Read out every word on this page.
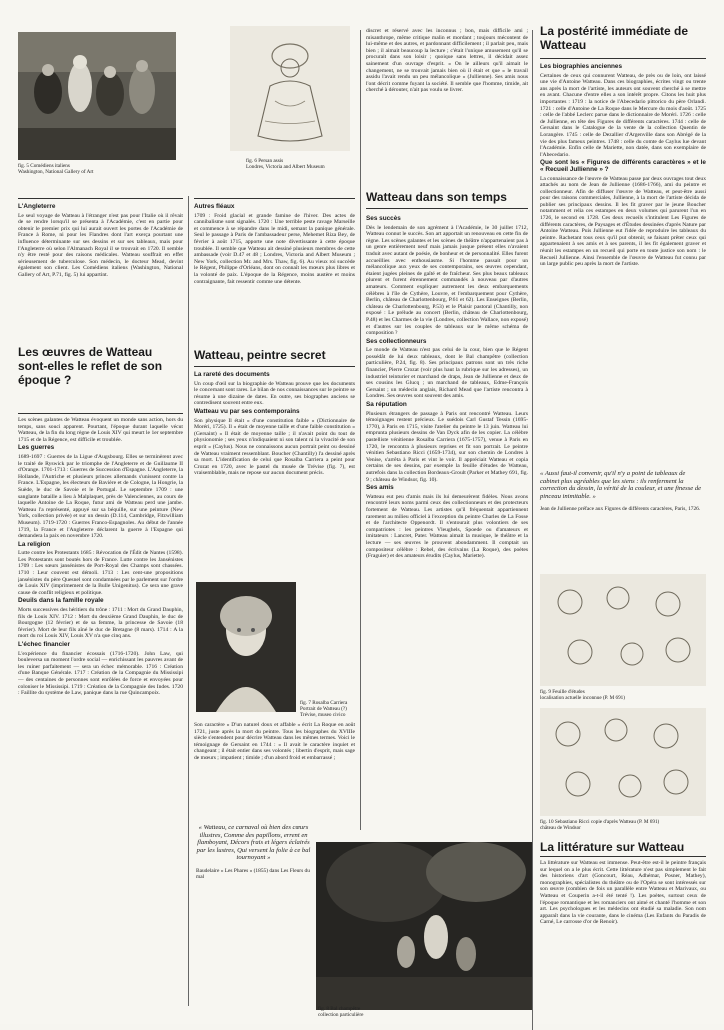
fig. 5 Comédiens italiens
Washington, National Gallery of Art
fig. 6 Persan assis
Londres, Victoria and Albert Museum
L'Angleterre

Le seul voyage de Watteau à l'étranger n'est pas pour l'Italie où il rêvait de se rendre lorsqu'il se présenta à l'Académie, c'est en partie pour obtenir le premier prix qui lui aurait ouvert les portes de l'Académie de France à Rome, ni pour les Flandres dont l'art exerça pourtant une influence déterminante sur ses dessins et sur ses tableaux, mais pour l'Angleterre où selon l'Almanach Royal il se trouvait en 1720. Il semble n'y être resté pour des raisons médicales. Watteau souffrait en effet sérieusement de tuberculose. Son médecin, le docteur Mead, devint également son client. Les Comédiens italiens (Washington, National Gallery of Art, P.71, fig. 5) lui appartint.

Les œuvres de Watteau sont-elles le reflet de son époque ?

Les scènes galantes de Watteau évoquent un monde sans action, hors du temps, sans souci apparent. Pourtant, l'époque durant laquelle vécut Watteau, de la fin du long règne de Louis XIV qui meurt le 1er septembre 1715 et de la Régence, est difficile et troublée.

Les guerres

1689-1697 : Guerres de la Ligue d'Augsbourg. Elles se terminèrent avec le traité de Ryswick par le triomphe de l'Angleterre et de Guillaume II d'Orange. 1701-1713 : Guerres de Succession d'Espagne. L'Angleterre, la Hollande, l'Autriche et plusieurs princes allemands s'unissent contre la France. L'Espagne, les électeurs de Bavière et de Cologne, la Hongrie, la Suède, le duc de Savoie et le Portugal. Le septembre 1709 : une sanglante bataille a lieu à Malplaquet, près de Valenciennes, au cours de laquelle Antoine de La Roque, futur ami de Watteau perd une jambe. Watteau l'a représenté, appuyé sur sa béquille, sur une peinture (New York, collection privée) et sur un dessin (D.114, Cambridge, Fitzwilliam Museum). 1719-1720 : Guerres Franco-Espagnoles. Au début de l'année 1719, la France et l'Angleterre déclarent la guerre à l'Espagne qui demandera la paix en novembre 1720.

La religion

Lutte contre les Protestants 1685 : Révocation de l'Édit de Nantes (1598). Les Protestants sont boutés hors de France. Lutte contre les Jansénistes 1709 : Les sœurs jansénistes de Port-Royal des Champs sont chassées. 1710 : Leur couvent est démoli. 1713 : Les cent-une propositions jansénistes du père Quesnel sont condamnées par le parlement sur l'ordre de Louis XIV (imprimement de la Bulle Unigenitus). Ce sera une grave cause de conflit religieux et politique.

Deuils dans la famille royale

Morts successives des héritiers du trône : 1711 : Mort du Grand Dauphin, fils de Louis XIV. 1712 : Mort du deuxième Grand Dauphin, le duc de Bourgogne (12 février) et de sa femme, la princesse de Savoie (18 février). Mort de leur fils aîné le duc de Bretagne (8 mars). 1714 : A la mort du roi Louis XIV, Louis XV n'a que cinq ans.

L'échec financier

L'expérience du financier écossais (1716-1720). John Law, qui bouleversa un moment l'ordre social — enrichissant les pauvres avant de les ruiner parfaitement — sera un échec mémorable. 1716 : Création d'une Banque Générale. 1717 : Création de la Compagnie du Mississipi — des centaines de personnes sont enrôlées de force et envoyées pour coloniser le Mississipi. 1719 : Création de la Compagnie des Indes. 1720 : Faillite du système de Law, panique dans la rue Quincampoix.

Autres fléaux

1709 : Froid glacial et grande famine de l'hiver. Des actes de cannibalisme sont signalés. 1720 : Une terrible peste ravage Marseille et commence à se répandre dans le midi, semant la panique générale. Seul le passage à Paris de l'ambassadeur perse, Mehemet Riza Bey, de février à août 1715, apporte une note divertissante à cette époque troublée. Il semble que Watteau ait dessiné plusieurs membres de cette ambassade (voir D.47 et 48 ; Londres, Victoria and Albert Museum ; New York, collection Mr. and Mrs. Thaw, fig. 6). Au vieux roi succède le Régent, Philippe d'Orléans, dont on connaît les mœurs plus libres et la volonté de paix. L'époque de la Régence, moins austère et moins contraignante, fait ressentir comme une détente.

Watteau, peintre secret
La rareté des documents

Un coup d'œil sur la biographie de Watteau prouve que les documents le concernant sont rares. Le bilan de nos connaissances sur le peintre se résume à une dizaine de dates. En outre, ses biographes anciens se contredisent souvent entre eux.

Watteau vu par ses contemporains

Son physique Il était « d'une constitution faible » (Dictionnaire de Moréri, 1725). Il « était de moyenne taille et d'une faible constitution » (Gersaint) « Il était de moyenne taille ; il n'avait point du tout de physionomie ; ses yeux n'indiquaient ni son talent ni la vivacité de son esprit » (Caylus). Nous ne connaissons aucun portrait peint ou dessiné de Watteau vraiment ressemblant. Boucher (Chantilly) l'a dessiné après sa mort. L'identification de celui que Rosalba Carriera a peint pour Crozat en 1720, avec le pastel du musée de Trévise (fig. 7), est vraisemblable, mais ne repose sur aucun document précis.

fig. 7 Rosalba Carriera
Portrait de Watteau (?)
Trévise, museo civico

Son caractère « D'un naturel doux et affable » écrit La Roque en août 1721, juste après la mort du peintre. Tous les biographes du XVIIIe siècle s'entendent pour décrire Watteau dans les mêmes termes. Voici le témoignage de Gersaint en 1744 : « Il avait le caractère inquiet et changeant ; il était entier dans ses volontés ; libertin d'esprit, mais sage de mœurs ; impatient ; timide ; d'un abord froid et embarrassé ;

« Watteau, ce carnaval où bien des cœurs illustres, Comme des papillons, errent en flamboyant, Décors frais et légers éclairés par les lustres, Qui versent la folie à ce bal tournoyant »
Baudelaire « Les Phares » (1855) dans Les Fleurs du mal
fig. 8 Bal champêtre
collection particulière

discret et réservé avec les inconnus ; bon, mais difficile ami ; misanthrope, même critique malin et mordant ; toujours mécontent de lui-même et des autres, et pardonnant difficilement ; il parlait peu, mais bien ; il aimait beaucoup la lecture ; c'était l'unique amusement qu'il se procurait dans son loisir ; quoique sans lettres, il décidait assez sainement d'un ouvrage d'esprit. » On le ailleurs qu'il aimait le changement, ne se trouvait jamais bien où il était et que « le travail assidu l'avait rendu un peu mélancolique » (Jullienne). Ses amis nous l'ont décrit comme fuyant la société. Il semble que l'homme, timide, ait cherché à dérouter, n'ait pas voulu se livrer.

Watteau dans son temps
Ses succès

Dès le lendemain de son agrément à l'Académie, le 30 juillet 1712, Watteau connut le succès. Son art apportait un renouveau en cette fin de règne. Les scènes galantes et les scènes de théâtre n'appartenaient pas à un genre entièrement neuf mais jamais jusque présent elles n'avaient traduit avec autant de poésie, de bonheur et de personnalité. Elles furent accueillies avec enthousiasme. Si l'homme passait pour un mélancolique aux yeux de ses contemporains, ses œuvres cependant, étaient jugées pleines de gaîté et de fraîcheur. Ses plus beaux tableaux plurent et furent étrennement commandés à nouveau par d'autres amateurs. Comment expliquer autrement les deux embarquements célèbres à l'île de Cythère, Louvre, et l'embarquement pour Cythère, Berlin, château de Charlottenbourg, P.61 et 62). Les Enseignes (Berlin, château de Charlottenbourg, P.53) et le Plaisir pastoral (Chantilly, non exposé : Le prélude au concert (Berlin, château de Charlottenbourg, P.48) et les Charmes de la vie (Londres, collection Wallace, non exposé) et d'autres sur les couples de tableaux sur le même schéma de composition ?

Ses collectionneurs

Le monde de Watteau n'est pas celui de la cour, bien que le Régent possédât de lui deux tableaux, dont le Bal champêtre (collection particulière, P.24, fig. 8). Ses principaux patrons sont un très riche financier, Pierre Crozat (voir plus haut la rubrique sur les adresses), un industriel teinturier et marchand de draps, Jean de Jullienne et deux de ses cousins les Glucq ; un marchand de tableaux, Edme-François Gersaint ; un médecin anglais, Richard Mead que l'artiste rencontra à Londres. Ses œuvres sont souvent des amis.

Sa réputation

Plusieurs étrangers de passage à Paris ont rencontré Watteau. Leurs témoignages restent précieux. Le suédois Carl Gustaf Tessin (1695-1770), à Paris en 1715, visite l'atelier du peintre le 13 juin. Watteau lui emprunta plusieurs dessins de Van Dyck afin de les copier. La célèbre pastelliste vénitienne Rosalba Carriera (1675-1757), venue à Paris en 1720, le rencontra à plusieurs reprises et fit son portrait. Le peintre vénitien Sebastiano Ricci (1659-1734), sur son chemin de Londres à Venise, s'arrêta à Paris et vint le voir. Il appréciait Watteau et copia certains de ses dessins, par exemple la feuille d'études de Watteau, autrefois dans la collection Bordeaux-Groult (Parker et Mathey 691, fig. 9 ; château de Windsor, fig. 10).

Ses amis

Watteau eut peu d'amis mais ils lui demeurèrent fidèles. Nous avons rencontré leurs noms parmi ceux des collectionneurs et des protecteurs fortement de Watteau. Les artistes qu'il fréquentait appartiennent rarement au milieu officiel à l'exception du peintre Charles de La Fosse et de l'architecte Oppenordt. Il s'entourait plus volontiers de ses compatriotes : les peintres Vleughels, Spoede ou d'amateurs et imitateurs : Lancret, Pater. Watteau aimait la musique, le théâtre et la lecture — ses œuvres le prouvent abondamment. Il comptait un compositeur célèbre : Rebel, des écrivains (La Roque), des poètes (Fraguier) et des amateurs érudits (Caylus, Mariette).

La postérité immédiate de Watteau
Les biographies anciennes

Certaines de ceux qui connurent Watteau, de près ou de loin, ont laissé une vie d'Antoine Watteau. Dans ces biographies, écrites vingt ou trente ans après la mort de l'artiste, les auteurs ont souvent cherché à se mettre en avant. Chacune d'entre elles a son intérêt propre. Citons les huit plus importantes : 1719 : la notice de l'Abecedario pittorico du père Orlandi. 1721 : celle d'Antoine de La Roque dans le Mercure du mois d'août. 1725 : celle de l'abbé Leclerc parue dans le dictionnaire de Moréri. 1726 : celle de Jullienne, en tête des Figures de différents caractères. 1744 : celle de Gersaint dans le Catalogue de la vente de la collection Quentin de Lorangère. 1745 : celle de Dezallier d'Argenville dans son Abrégé de la vie des plus fameux peintres. 1748 : celle du comte de Caylus lue devant l'Académie. Enfin celle de Mariette, non datée, dans son exemplaire de l'Abecedario.

Que sont les « Figures de différents caractères » et le « Recueil Jullienne » ?

La connaissance de l'œuvre de Watteau passe par deux ouvrages tout deux attachés au nom de Jean de Jullienne (1686-1766), ami du peintre et collectionneur. Afin de diffuser l'œuvre de Watteau, et peut-être aussi pour des raisons commerciales, Jullienne, à la mort de l'artiste décida de publier ses principaux dessins. Il les fit graver par le jeune Boucher notamment et relia ces estampes en deux volumes qui parurent l'un en 1726, le second en 1728. Ces deux recueils s'intitulent Les Figures de différents caractères, de Paysages et d'Études dessinées d'après Nature par Antoine Watteau. Puis Jullienne eut l'idée de reproduire les tableaux du peintre. Rachetant tous ceux qu'il put obtenir, se faisant prêter ceux qui appartenaient à ses amis et à ses parents, il les fit également graver et réunit les estampes en un recueil qui porte en toute justice son nom : le Recueil Jullienne. Ainsi l'ensemble de l'œuvre de Watteau fut connu par un large public peu après la mort de l'artiste.

« Aussi faut-il convenir, qu'il n'y a point de tableaux de cabinet plus agréables que les siens : ils renferment la correction du dessin, la vérité de la couleur, et une finesse de pinceau inimitable. »
Jean de Jullienne préface aux Figures de différents caractères, Paris, 1726.
fig. 9 Feuille d'études
localisation actuelle inconnue (P. M 691)
fig. 10 Sebastiano Ricci copie d'après Watteau (P. M 691)
château de Windsor
La littérature sur Watteau

La littérature sur Watteau est immense. Peut-être est-il le peintre français sur lequel on a le plus écrit. Cette littérature n'est pas simplement le fait des historiens d'art (Goncourt, Réau, Adhémar, Posner, Mathey), monographies, spécialistes du théâtre ou de l'Opéra se sont intéressés sur son œuvre (combien de fois un parallèle entre Watteau et Marivaux, ou Watteau et Couperin a-t-il été tenté !). Les poètes, surtout ceux de l'époque romantique et les romanciers ont aimé et chanté l'homme et son art. Les psychologues et les médecins ont étudié sa maladie. Son nom apparaît dans la vie courante, dans le cinéma (Les Enfants du Paradis de Carné, Le carrosse d'or de Renoir).
